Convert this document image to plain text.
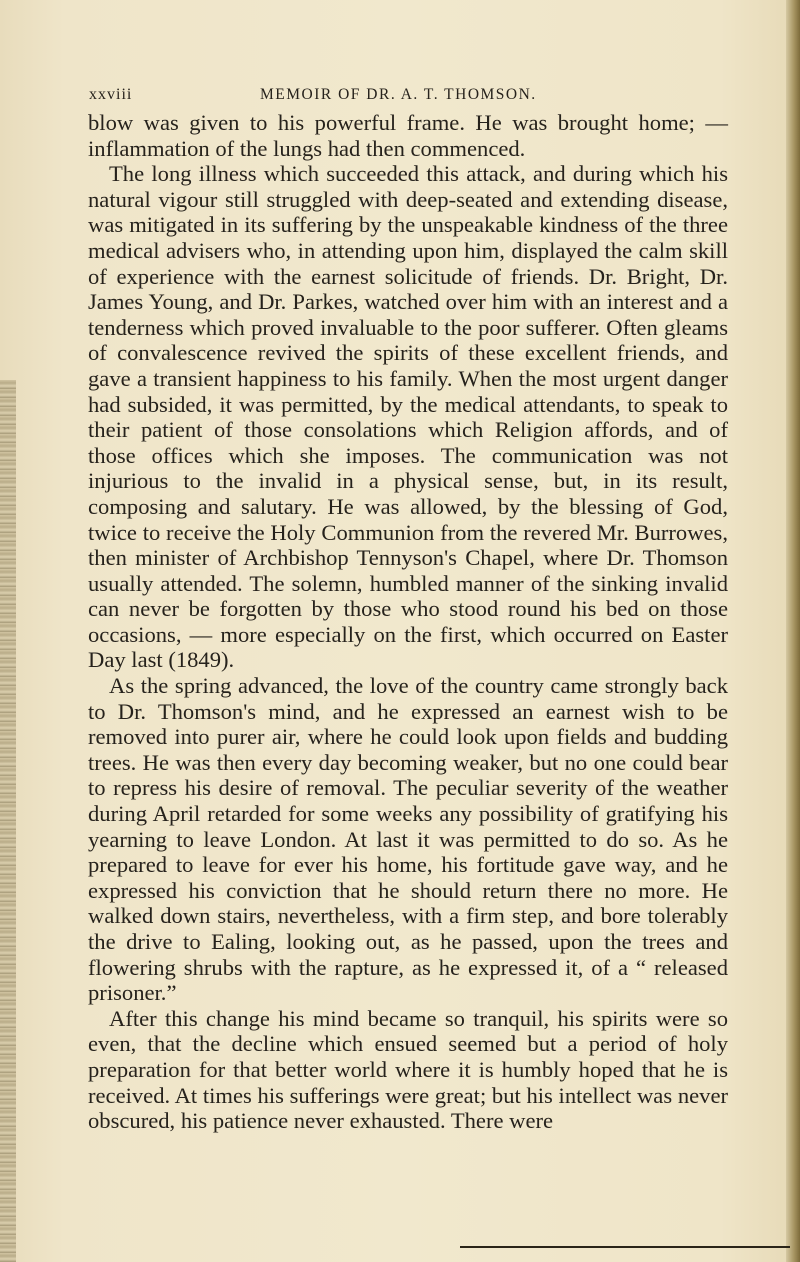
xxviii	MEMOIR OF DR. A. T. THOMSON.

blow was given to his powerful frame. He was brought home; — inflammation of the lungs had then commenced.

The long illness which succeeded this attack, and during which his natural vigour still struggled with deep-seated and extending disease, was mitigated in its suffering by the unspeakable kindness of the three medical advisers who, in attending upon him, displayed the calm skill of experience with the earnest solicitude of friends. Dr. Bright, Dr. James Young, and Dr. Parkes, watched over him with an interest and a tenderness which proved invaluable to the poor sufferer. Often gleams of convalescence revived the spirits of these excellent friends, and gave a transient happiness to his family. When the most urgent danger had subsided, it was permitted, by the medical attendants, to speak to their patient of those consolations which Religion affords, and of those offices which she imposes. The communication was not injurious to the invalid in a physical sense, but, in its result, composing and salutary. He was allowed, by the blessing of God, twice to receive the Holy Communion from the revered Mr. Burrowes, then minister of Archbishop Tennyson's Chapel, where Dr. Thomson usually attended. The solemn, humbled manner of the sinking invalid can never be forgotten by those who stood round his bed on those occasions, — more especially on the first, which occurred on Easter Day last (1849).

As the spring advanced, the love of the country came strongly back to Dr. Thomson's mind, and he expressed an earnest wish to be removed into purer air, where he could look upon fields and budding trees. He was then every day becoming weaker, but no one could bear to repress his desire of removal. The peculiar severity of the weather during April retarded for some weeks any possibility of gratifying his yearning to leave London. At last it was permitted to do so. As he prepared to leave for ever his home, his fortitude gave way, and he expressed his conviction that he should return there no more. He walked down stairs, nevertheless, with a firm step, and bore tolerably the drive to Ealing, looking out, as he passed, upon the trees and flowering shrubs with the rapture, as he expressed it, of a “ released prisoner.”

After this change his mind became so tranquil, his spirits were so even, that the decline which ensued seemed but a period of holy preparation for that better world where it is humbly hoped that he is received. At times his sufferings were great; but his intellect was never obscured, his patience never exhausted. There were
